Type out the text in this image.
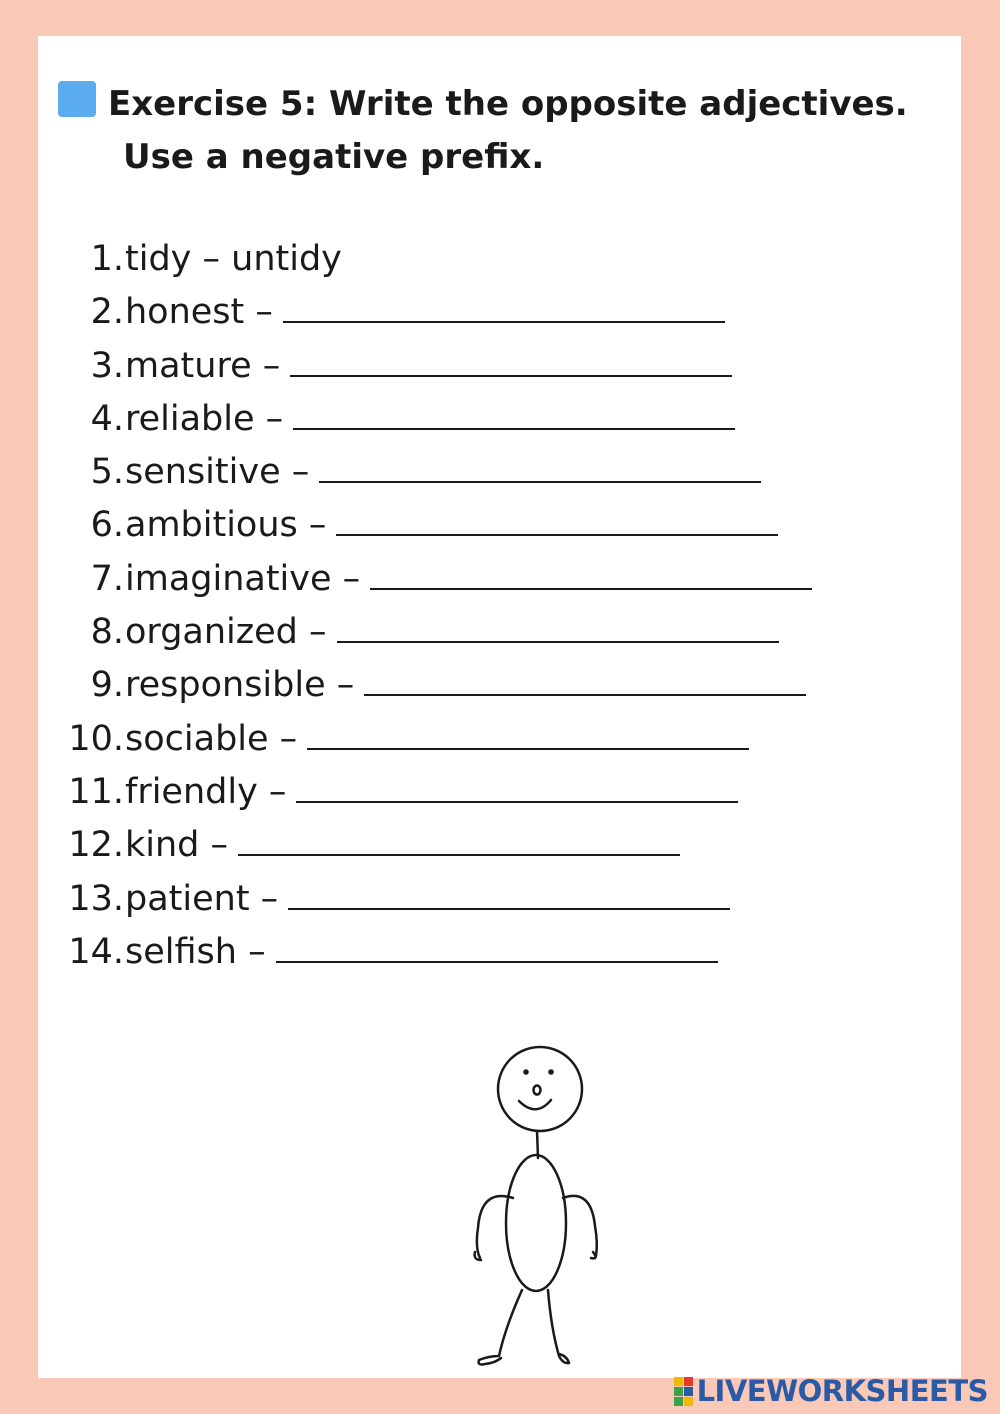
Exercise 5: Write the opposite adjectives.
Use a negative prefix.
1. tidy – untidy
2. honest –
3. mature –
4. reliable –
5. sensitive –
6. ambitious –
7. imaginative –
8. organized –
9. responsible –
10. sociable –
11. friendly –
12. kind –
13. patient –
14. selfish –
LIVEWORKSHEETS
